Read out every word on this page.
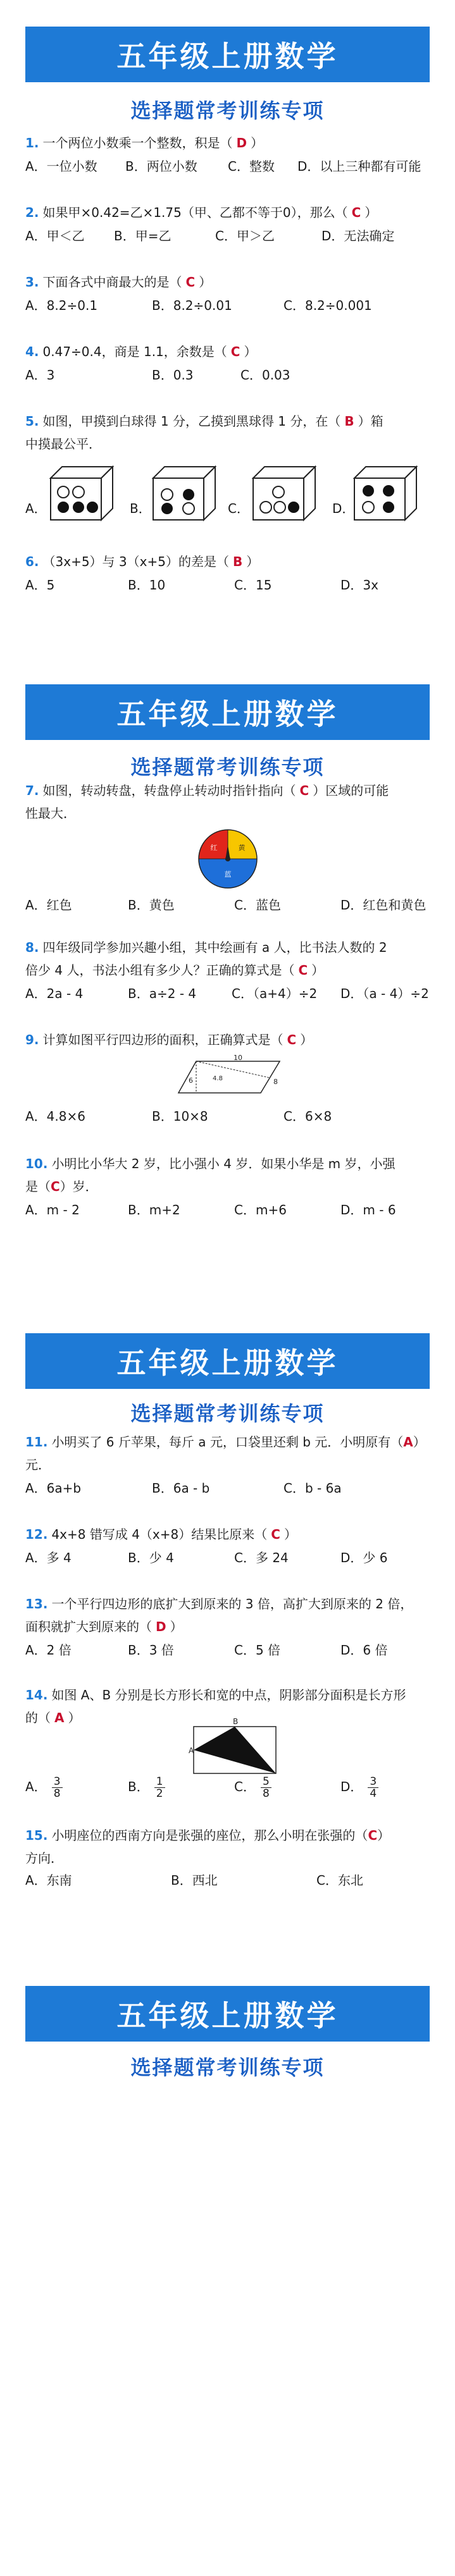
五年级上册数学
选择题常考训练专项
1. 一个两位小数乘一个整数，积是（ D ）
A．一位小数 B．两位小数 C．整数 D．以上三种都有可能
2. 如果甲×0.42=乙×1.75（甲、乙都不等于0），那么（ C ）
A．甲＜乙 B．甲=乙	C．甲＞乙	D．无法确定
3. 下面各式中商最大的是（ C ）
A．8.2÷0.1	B．8.2÷0.01	C．8.2÷0.001
4. 0.47÷0.4，商是 1.1，余数是（ C ）
A．3	B．0.3	C．0.03
5. 如图，甲摸到白球得 1 分，乙摸到黑球得 1 分，在（ B ）箱
中摸最公平．
A．	B．	C．	D．
6. （3x+5）与 3（x+5）的差是（ B ）
A．5	B．10	C．15	D．3x
五年级上册数学
选择题常考训练专项
7. 如图，转动转盘，转盘停止转动时指针指向（ C ）区域的可能
性最大．
红	黄
蓝
A．红色	B．黄色	C．蓝色	D．红色和黄色
8. 四年级同学参加兴趣小组，其中绘画有 a 人，比书法人数的 2
倍少 4 人，书法小组有多少人？正确的算式是（ C ）
A．2a - 4	B．a÷2 - 4	C．（a+4）÷2 D．（a - 4）÷2
9. 计算如图平行四边形的面积，正确算式是（ C ）
10
4.8	8
6
A．4.8×6	B．10×8	C．6×8
10. 小明比小华大 2 岁，比小强小 4 岁．如果小华是 m 岁，小强
是（C）岁．
A．m - 2	B．m+2	C．m+6	D．m - 6
五年级上册数学
选择题常考训练专项
11. 小明买了 6 斤苹果，每斤 a 元，口袋里还剩 b 元．小明原有（A）
元．
A．6a+b	B．6a - b	C．b - 6a
12. 4x+8 错写成 4（x+8）结果比原来（ C ）
A．多 4	B．少 4	C．多 24	D．少 6
13. 一个平行四边形的底扩大到原来的 3 倍，高扩大到原来的 2 倍，
面积就扩大到原来的（ D ）
A．2 倍	B．3 倍	C．5 倍	D．6 倍
14. 如图 A、B 分别是长方形长和宽的中点，阴影部分面积是长方形
的（ A ）
A
B
A． $\frac{3}{8}$	B． $\frac{1}{2}$	C． $\frac{5}{8}$	D． $\frac{3}{4}$
15. 小明座位的西南方向是张强的座位，那么小明在张强的（C）
方向．
A．东南	B．西北	C．东北
五年级上册数学
选择题常考训练专项
